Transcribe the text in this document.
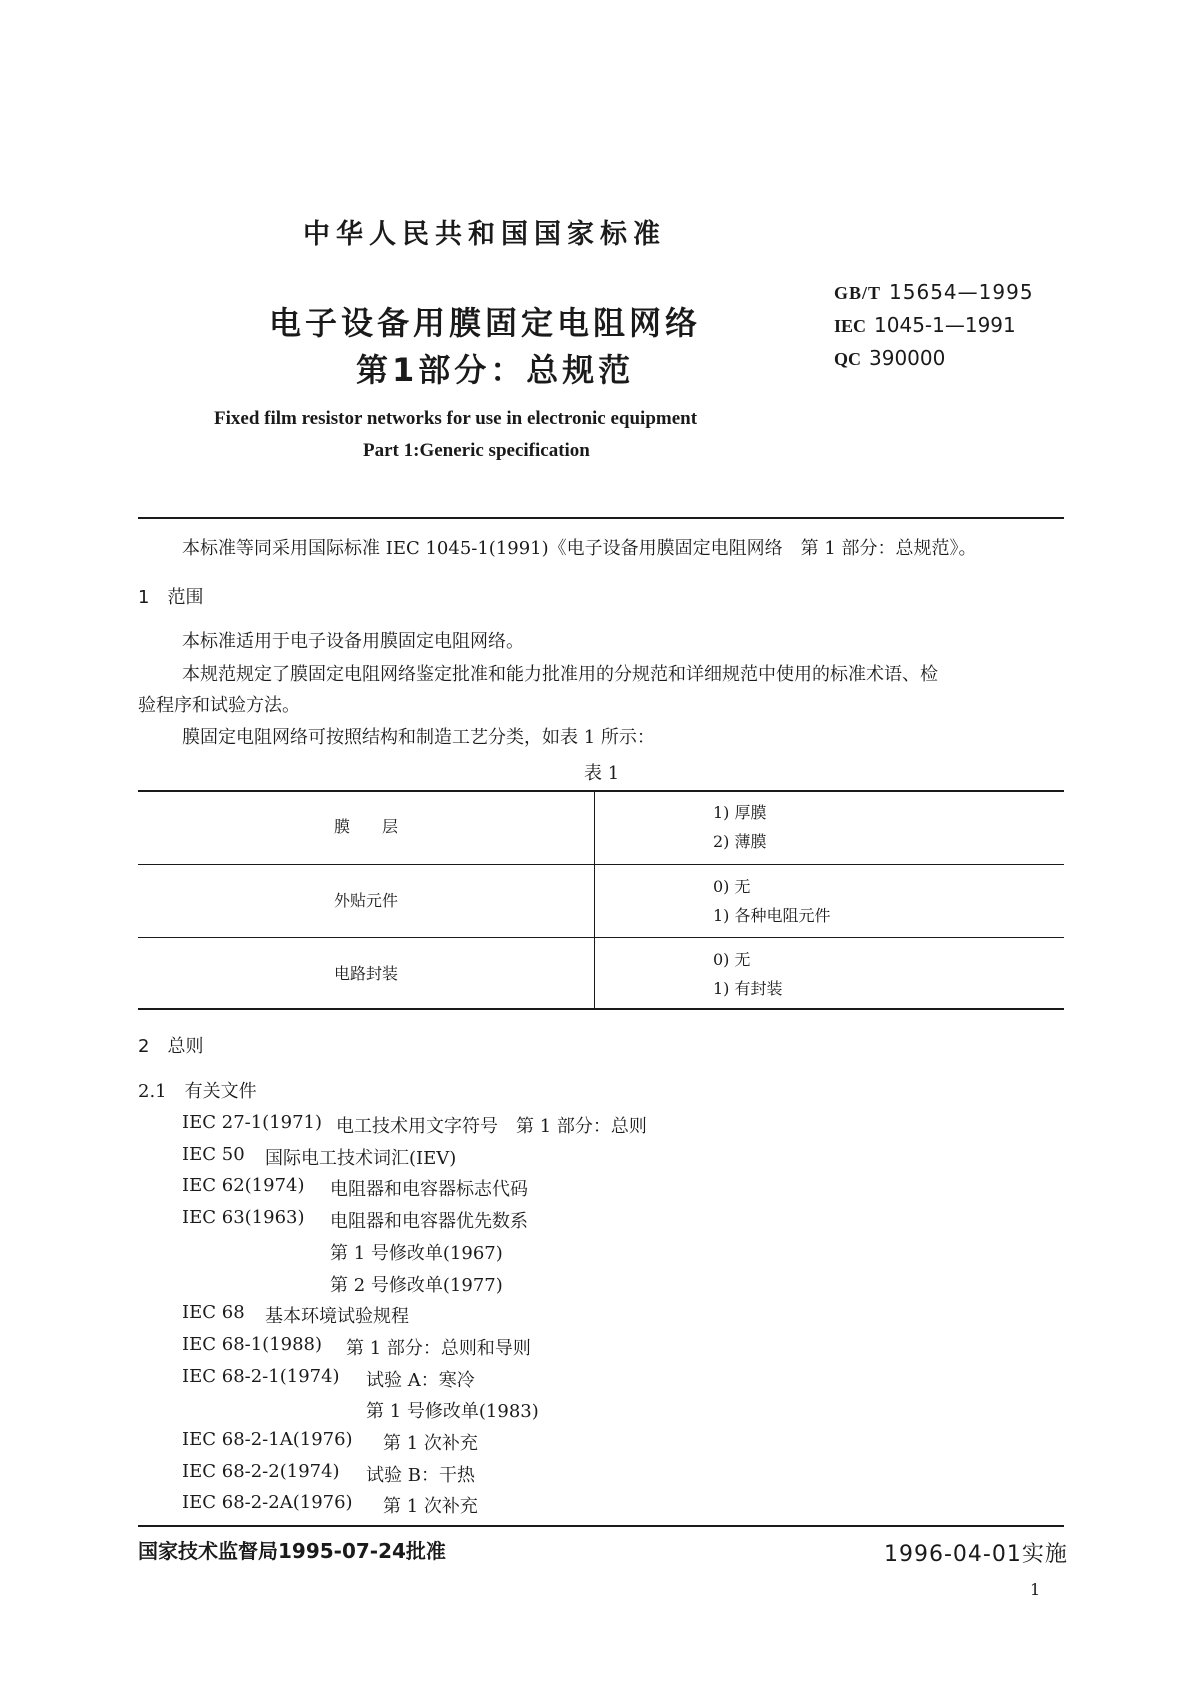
中华人民共和国国家标准
电子设备用膜固定电阻网络
第1部分：总规范
GB/T 15654—1995
IEC 1045-1—1991
QC 390000
Fixed film resistor networks for use in electronic equipment
Part 1:Generic specification
本标准等同采用国际标准 IEC 1045-1(1991)《电子设备用膜固定电阻网络　第 1 部分：总规范》。
1　范围
本标准适用于电子设备用膜固定电阻网络。
本规范规定了膜固定电阻网络鉴定批准和能力批准用的分规范和详细规范中使用的标准术语、检
验程序和试验方法。
膜固定电阻网络可按照结构和制造工艺分类，如表 1 所示：
表 1
膜　　层
1) 厚膜
2) 薄膜
外贴元件
0) 无
1) 各种电阻元件
电路封装
0) 无
1) 有封装
2　总则
2.1　有关文件
IEC 27-1(1971) 电工技术用文字符号　第 1 部分：总则
IEC 50 国际电工技术词汇(IEV)
IEC 62(1974) 电阻器和电容器标志代码
IEC 63(1963) 电阻器和电容器优先数系
第 1 号修改单(1967)
第 2 号修改单(1977)
IEC 68 基本环境试验规程
IEC 68-1(1988) 第 1 部分：总则和导则
IEC 68-2-1(1974) 试验 A：寒冷
第 1 号修改单(1983)
IEC 68-2-1A(1976) 第 1 次补充
IEC 68-2-2(1974) 试验 B：干热
IEC 68-2-2A(1976) 第 1 次补充
国家技术监督局1995-07-24批准	1996-04-01实施
1
